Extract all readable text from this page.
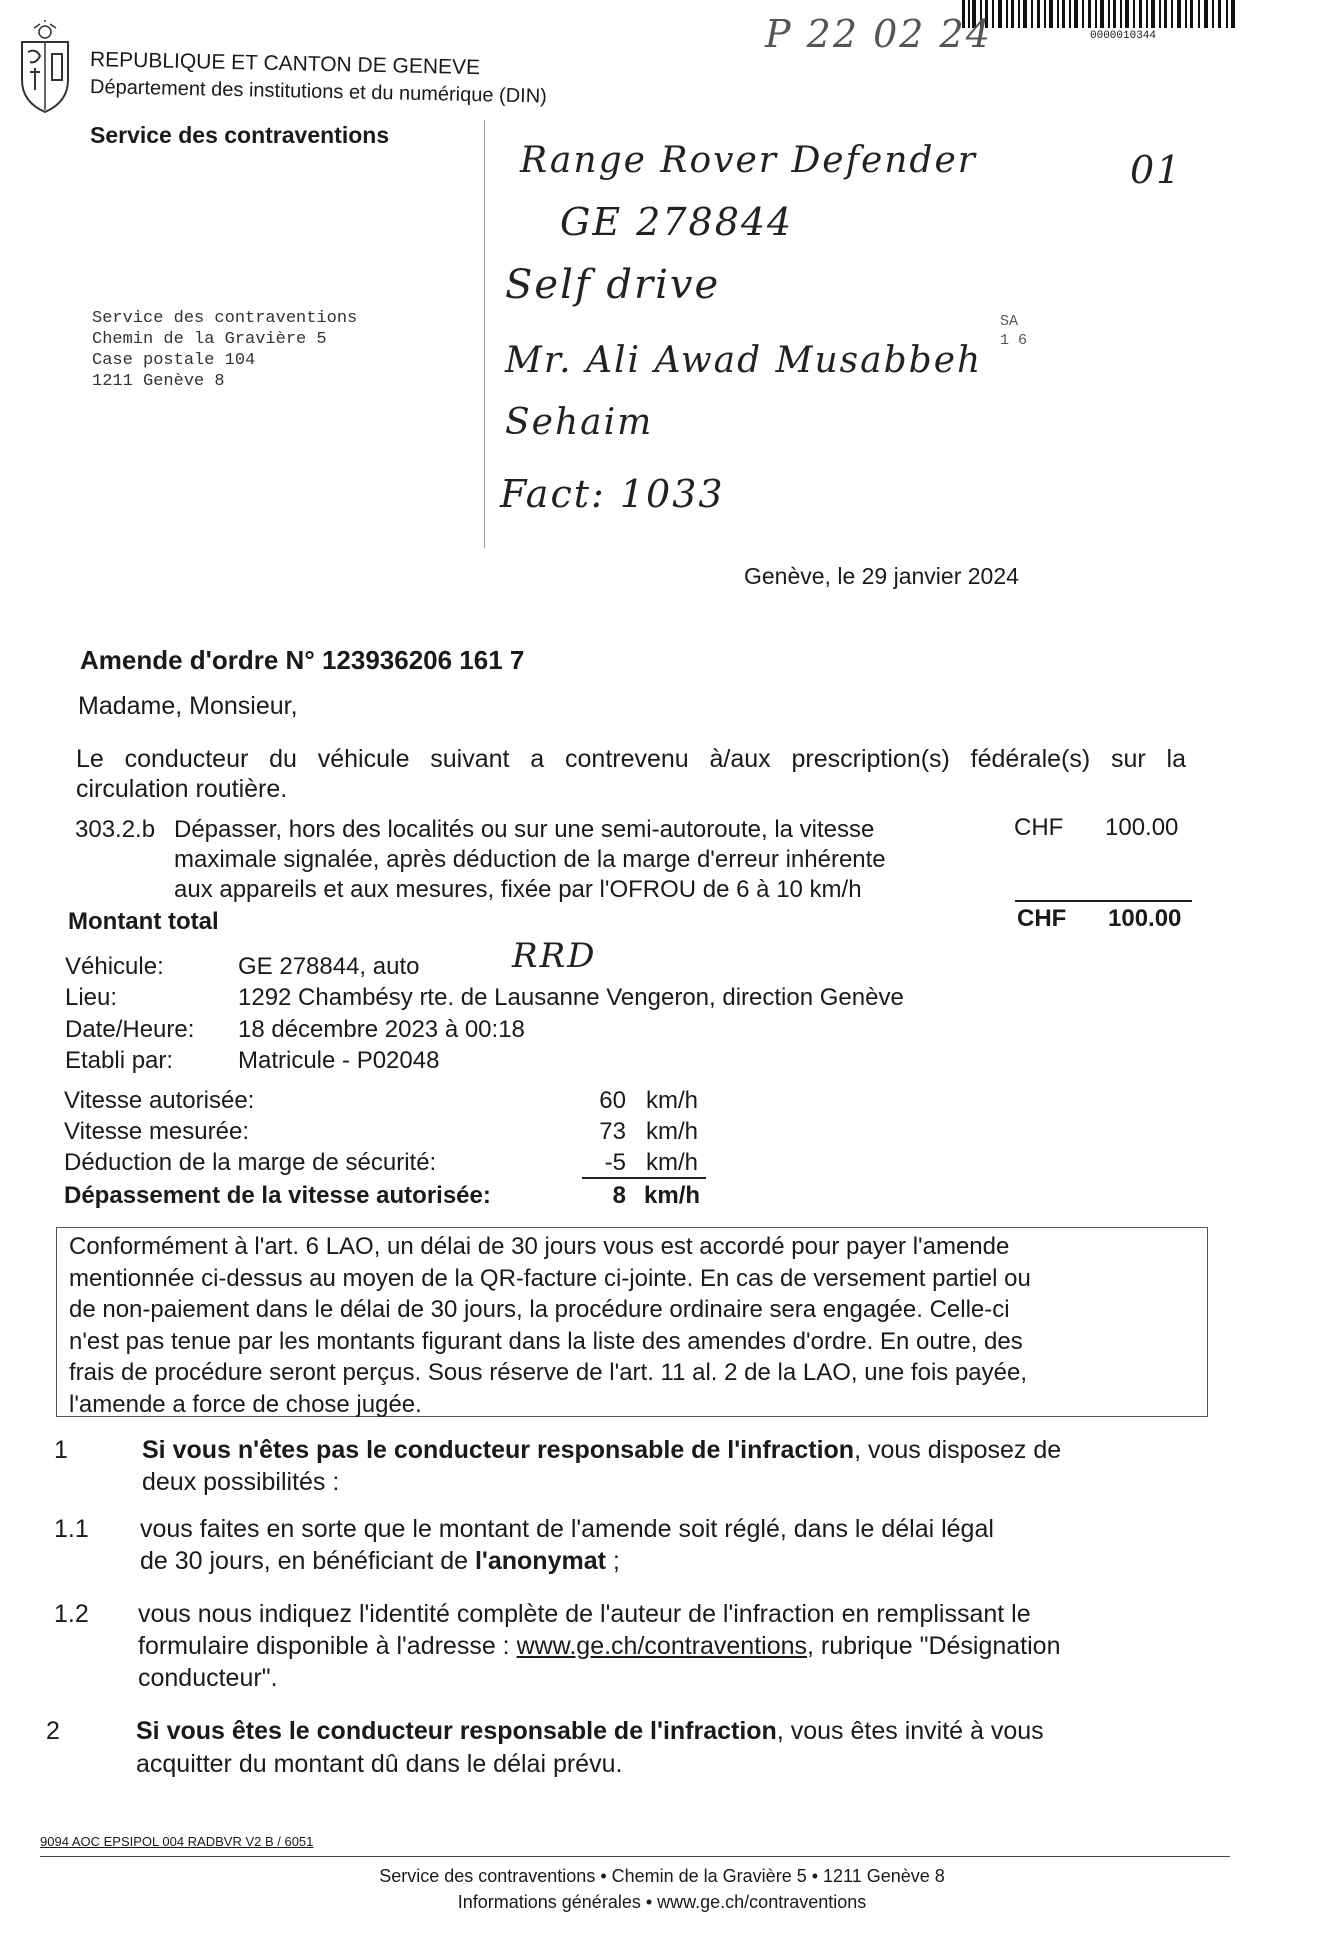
0000010344
REPUBLIQUE ET CANTON DE GENEVE
Département des institutions et du numérique (DIN)
Service des contraventions
P 22 02 24
Service des contraventions
Chemin de la Gravière 5
Case postale 104
1211 Genève 8
SA
1 6
Range Rover Defender
GE 278844
Self drive
Mr. Ali Awad Musabbeh
Sehaim
Fact: 1033
01
Genève, le 29 janvier 2024
Amende d'ordre N° 123936206 161 7
Madame, Monsieur,
Le conducteur du véhicule suivant a contrevenu à/aux prescription(s) fédérale(s) sur la
circulation routière.
303.2.b Dépasser, hors des localités ou sur une semi-autoroute, la vitesse
maximale signalée, après déduction de la marge d'erreur inhérente
aux appareils et aux mesures, fixée par l'OFROU de 6 à 10 km/h
CHF 100.00
Montant total	CHF 100.00
Véhicule:	GE 278844, auto	RRD
Lieu:	1292 Chambésy rte. de Lausanne Vengeron, direction Genève
Date/Heure: 18 décembre 2023 à 00:18
Etabli par:	Matricule - P02048
Vitesse autorisée:	60 km/h
Vitesse mesurée:	73 km/h
Déduction de la marge de sécurité:	-5 km/h
Dépassement de la vitesse autorisée:	8 km/h
Conformément à l'art. 6 LAO, un délai de 30 jours vous est accordé pour payer l'amende
mentionnée ci-dessus au moyen de la QR-facture ci-jointe. En cas de versement partiel ou
de non-paiement dans le délai de 30 jours, la procédure ordinaire sera engagée. Celle-ci
n'est pas tenue par les montants figurant dans la liste des amendes d'ordre. En outre, des
frais de procédure seront perçus. Sous réserve de l'art. 11 al. 2 de la LAO, une fois payée,
l'amende a force de chose jugée.
1	Si vous n'êtes pas le conducteur responsable de l'infraction, vous disposez de
deux possibilités :
1.1 vous faites en sorte que le montant de l'amende soit réglé, dans le délai légal
de 30 jours, en bénéficiant de l'anonymat ;
1.2 vous nous indiquez l'identité complète de l'auteur de l'infraction en remplissant le
formulaire disponible à l'adresse : www.ge.ch/contraventions, rubrique "Désignation
conducteur".
2	Si vous êtes le conducteur responsable de l'infraction, vous êtes invité à vous
acquitter du montant dû dans le délai prévu.
9094 AOC EPSIPOL 004 RADBVR V2 B / 6051
Service des contraventions • Chemin de la Gravière 5 • 1211 Genève 8
Informations générales • www.ge.ch/contraventions
